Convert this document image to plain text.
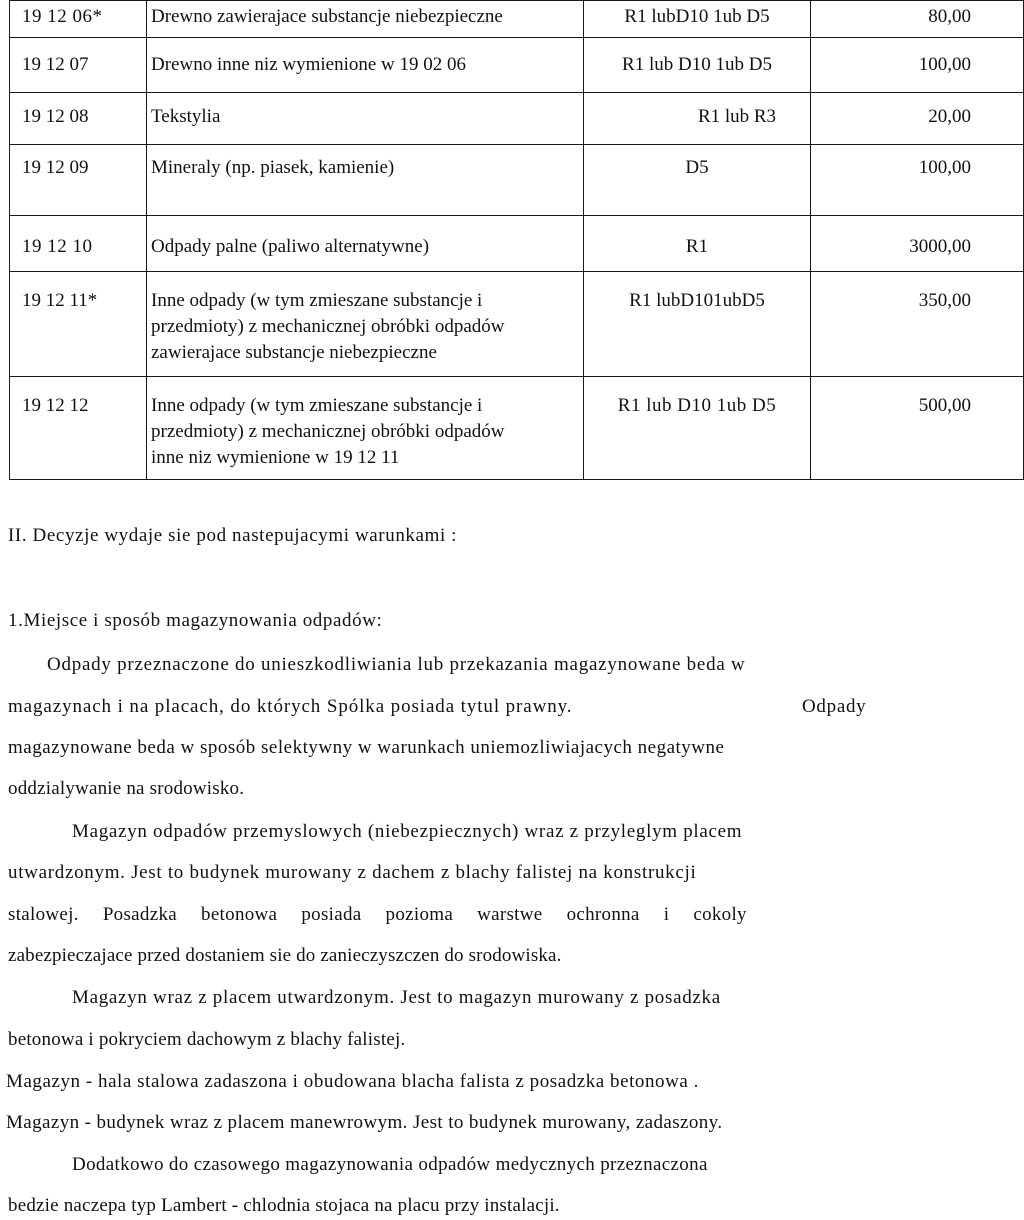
19 12 06*	Drewno zawierajace substancje niebezpieczne	R1 lubD10 1ub D5	80,00
19 12 07	Drewno inne niz wymienione w 19 02 06	R1 lub D10 1ub D5	100,00
19 12 08	Tekstylia	R1 lub R3	20,00
19 12 09	Mineraly (np. piasek, kamienie)	D5	100,00
19 12 10	Odpady palne (paliwo alternatywne)	R1	3000,00
19 12 11*	Inne odpady (w tym zmieszane substancje i
przedmioty) z mechanicznej obróbki odpadów
zawierajace substancje niebezpieczne	R1 lubD101ubD5	350,00
19 12 12	Inne odpady (w tym zmieszane substancje i
przedmioty) z mechanicznej obróbki odpadów
inne niz wymienione w 19 12 11	R1 lub D10 1ub D5	500,00
II. Decyzje wydaje sie pod nastepujacymi warunkami :
1.Miejsce i sposób magazynowania odpadów:
Odpady przeznaczone do unieszkodliwiania lub przekazania magazynowane beda w
magazynach i na placach, do których Spólka posiada tytul prawny.	Odpady
magazynowane beda w sposób selektywny w warunkach uniemozliwiajacych negatywne
oddzialywanie na srodowisko.
Magazyn odpadów przemyslowych (niebezpiecznych) wraz z przyleglym placem
utwardzonym. Jest to budynek murowany z dachem z blachy falistej na konstrukcji
stalowej. Posadzka betonowa posiada pozioma warstwe ochronna i cokoly
zabezpieczajace przed dostaniem sie do zanieczyszczen do srodowiska.
Magazyn wraz z placem utwardzonym. Jest to magazyn murowany z posadzka
betonowa i pokryciem dachowym z blachy falistej.
Magazyn - hala stalowa zadaszona i obudowana blacha falista z posadzka betonowa .
Magazyn - budynek wraz z placem manewrowym. Jest to budynek murowany, zadaszony.
Dodatkowo do czasowego magazynowania odpadów medycznych przeznaczona
bedzie naczepa typ Lambert - chlodnia stojaca na placu przy instalacji.
